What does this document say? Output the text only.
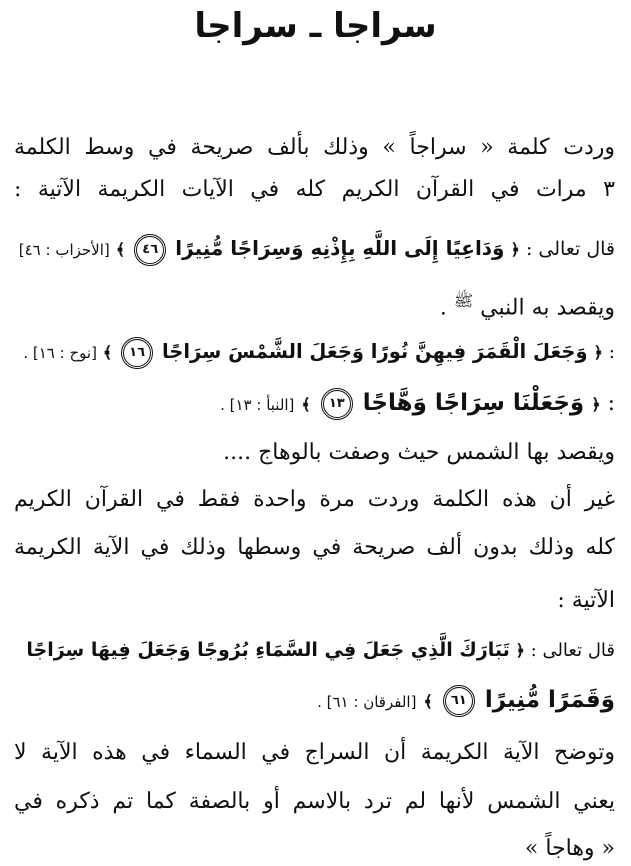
سراجا ـ سراجا
وردت كلمة « سراجاً » وذلك بألف صريحة في وسط الكلمة
٣ مرات في القرآن الكريم كله في الآيات الكريمة الآتية :
قال تعالى : ﴿ وَدَاعِيًا إِلَى اللَّهِ بِإِذْنِهِ وَسِرَاجًا مُّنِيرًا ٤٦ ﴾ [الأحزاب : ٤٦]
ويقصد به النبي $^ﷺ$ .
: ﴿ وَجَعَلَ الْقَمَرَ فِيهِنَّ نُورًا وَجَعَلَ الشَّمْسَ سِرَاجًا ١٦ ﴾ [نوح : ١٦] .
: ﴿ وَجَعَلْنَا سِرَاجًا وَهَّاجًا ١٣ ﴾ [النبأ : ١٣] .
ويقصد بها الشمس حيث وصفت بالوهاج ....
غير أن هذه الكلمة وردت مرة واحدة فقط في القرآن الكريم
كله وذلك بدون ألف صريحة في وسطها وذلك في الآية الكريمة
الآتية :
قال تعالى : ﴿ تَبَارَكَ الَّذِي جَعَلَ فِي السَّمَاءِ بُرُوجًا وَجَعَلَ فِيهَا سِرَاجًا
وَقَمَرًا مُّنِيرًا ٦١ ﴾ [الفرقان : ٦١] .
وتوضح الآية الكريمة أن السراج في السماء في هذه الآية لا
يعني الشمس لأنها لم ترد بالاسم أو بالصفة كما تم ذكره في
« وهاجاً »
